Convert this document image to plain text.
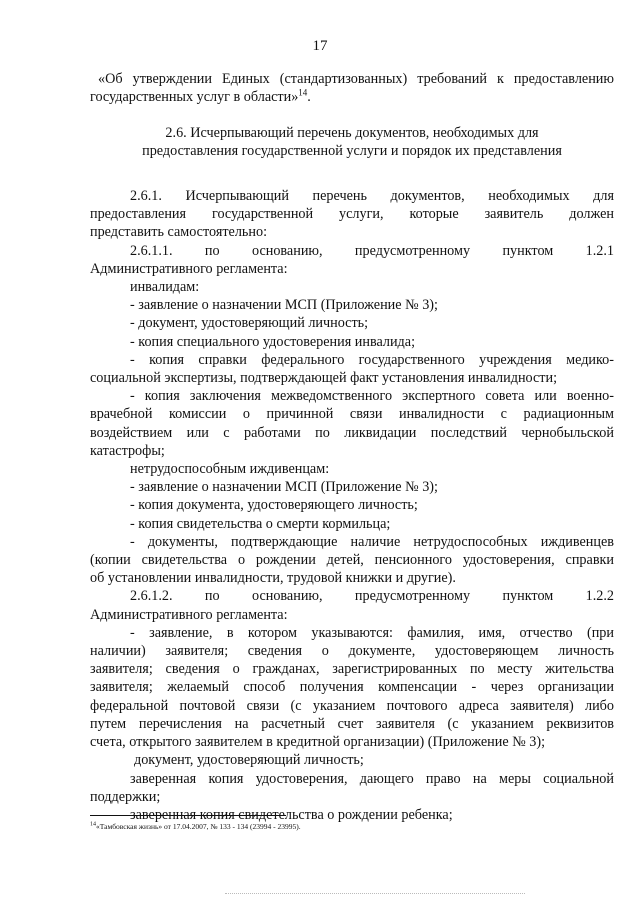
17
«Об утверждении Единых (стандартизованных) требований к предоставлению
государственных услуг в области»$^{14}$.
2.6. Исчерпывающий перечень документов, необходимых для
предоставления государственной услуги и порядок их представления
2.6.1. Исчерпывающий перечень документов, необходимых для
предоставления государственной услуги, которые заявитель должен
представить самостоятельно:
2.6.1.1. по основанию, предусмотренному пунктом 1.2.1
Административного регламента:
инвалидам:
- заявление о назначении МСП (Приложение № 3);
- документ, удостоверяющий личность;
- копия специального удостоверения инвалида;
- копия справки федерального государственного учреждения медико-
социальной экспертизы, подтверждающей факт установления инвалидности;
- копия заключения межведомственного экспертного совета или военно-
врачебной комиссии о причинной связи инвалидности с радиационным
воздействием или с работами по ликвидации последствий чернобыльской
катастрофы;
нетрудоспособным иждивенцам:
- заявление о назначении МСП (Приложение № 3);
- копия документа, удостоверяющего личность;
- копия свидетельства о смерти кормильца;
- документы, подтверждающие наличие нетрудоспособных иждивенцев
(копии свидетельства о рождении детей, пенсионного удостоверения, справки
об установлении инвалидности, трудовой книжки и другие).
2.6.1.2. по основанию, предусмотренному пунктом 1.2.2
Административного регламента:
- заявление, в котором указываются: фамилия, имя, отчество (при
наличии) заявителя; сведения о документе, удостоверяющем личность
заявителя; сведения о гражданах, зарегистрированных по месту жительства
заявителя; желаемый способ получения компенсации - через организации
федеральной почтовой связи (с указанием почтового адреса заявителя) либо
путем перечисления на расчетный счет заявителя (с указанием реквизитов
счета, открытого заявителем в кредитной организации) (Приложение № 3);
документ, удостоверяющий личность;
заверенная копия удостоверения, дающего право на меры социальной
поддержки;
заверенная копия свидетельства о рождении ребенка;
$^{14}$«Тамбовская жизнь» от 17.04.2007, № 133 - 134 (23994 - 23995).
